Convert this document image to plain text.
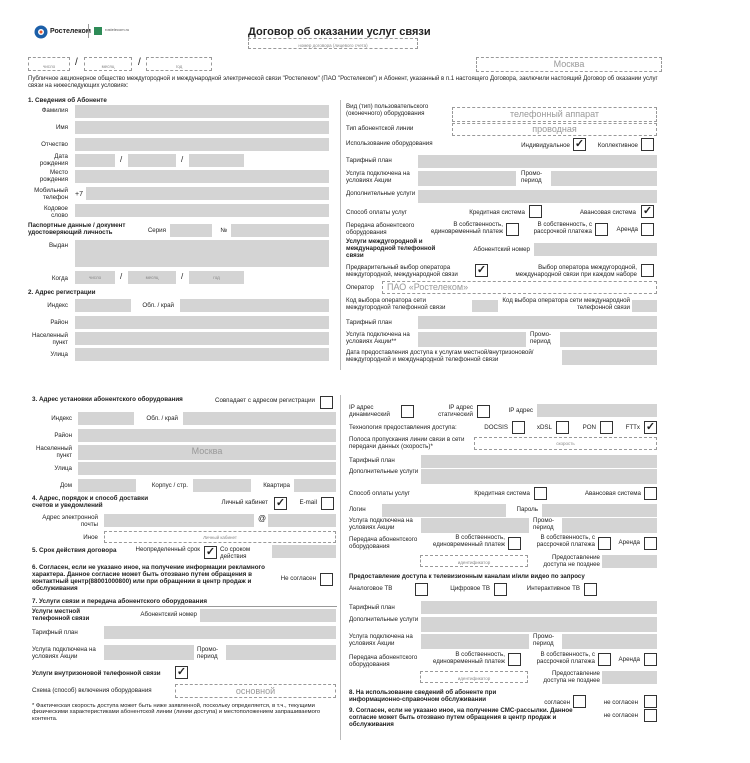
Ростелеком	rostelecom.ru	Договор об оказании услуг связи
номер договора (лицевого счета)
число	/	месяц	/	год	Москва
Публичное акционерное общество междугородной и международной электрической связи "Ростелеком" (ПАО "Ростелеком") и Абонент, указанный в п.1 настоящего Договора, заключили настоящий Договор об оказании услуг связи на нижеследующих условиях:
1. Сведения об Абоненте
Фамилия
Имя
Отчество
Дата рождения	/	/
Место рождения
Мобильный телефон +7
Кодовое слово
Паспортные данные / документ удостоверяющий личность	Серия	№
Выдан
Когда	число	/	месяц	/	год
2. Адрес регистрации
Индекс	Обл. / край
Район
Населенный пункт
Улица
3. Адрес установки абонентского оборудования	Совпадает с адресом регистрации
Индекс	Обл. / край
Район
Населенный пункт	Москва
Улица
Дом	Корпус / стр.	Квартира
4. Адрес, порядок и способ доставки счетов и уведомлений	Личный кабинет ✓	E-mail
Адрес электронной почты
@
Иное	Личный кабинет
5. Срок действия договора	Неопределенный срок ✓ Со сроком действия
6. Согласен, если не указано иное, на получение информации рекламного характера. Данное согласие может быть отозвано путем обращения в контактный центр(88001000800) или при обращении в центр продаж и обслуживания
Не согласен
7. Услуги связи и передача абонентского оборудования
Услуги местной телефонной связи
Абонентский номер
Тарифный план
Услуга подключена на условиях Акции
Промо-период
Услуги внутризоновой телефонной связи	✓
Схема (способ) включения оборудования	основной
* Фактическая скорость доступа может быть ниже заявленной, поскольку определяется, в т.ч., текущими физическими характеристиками абонентской линии (линии доступа) и местоположением запрашиваемого контента.
Вид (тип) пользовательского (оконечного) оборудования	телефонный аппарат
Тип абонентской линии	проводная
Использование оборудования	Индивидуальное ✓	Коллективное
Тарифный план
Услуга подключена на условиях Акции
Промо-период
Дополнительные услуги
Способ оплаты услуг	Кредитная система	Авансовая система ✓
Передача абонентского оборудования
В собственность, единовременный платеж
В собственность, с рассрочкой платежа	Аренда
Услуги междугородной и международной телефонной связи
Абонентский номер
Предварительный выбор оператора междугородной, международной связи	✓	Выбор оператора междугородной, международной связи при каждом наборе
Оператор	ПАО «Ростелеком»
Код выбора оператора сети междугородной телефонной связи
Код выбора оператора сети международной телефонной связи
Тарифный план
Услуга подключена на условиях Акции**
Промо-период
Дата предоставления доступа к услугам местной/внутризоновой/ междугородной и международной телефонной связи
IP адрес динамический
IP адрес статический
IP адрес
Технология предоставления доступа:	DOCSIS	xDSL	PON	FTTx ✓
Полоса пропускания линии связи в сети передачи данных (скорость)*	скорость
Тарифный план
Дополнительные услуги
Способ оплаты услуг	Кредитная система	Авансовая система
Логин	Пароль
Услуга подключена на условиях Акции
Промо-период
Передача абонентского оборудования
В собственность, единовременный платеж
В собственность, с рассрочкой платежа	Аренда
идентификатор
Предоставление доступа не позднее
Предоставление доступа к телевизионным каналам и/или видео по запросу
Аналоговое ТВ	Цифровое ТВ	Интерактивное ТВ
Тарифный план
Дополнительные услуги
Услуга подключена на условиях Акции
Промо-период
Передача абонентского оборудования
В собственность, единовременный платеж
В собственность, с рассрочкой платежа	Аренда
идентификатор
Предоставление доступа не позднее
8. На использование сведений об абоненте при информационно-справочном обслуживании	согласен	не согласен
9. Согласен, если не указано иное, на получение СМС-рассылки. Данное согласие может быть отозвано путем обращения в центр продаж и обслуживания
не согласен
